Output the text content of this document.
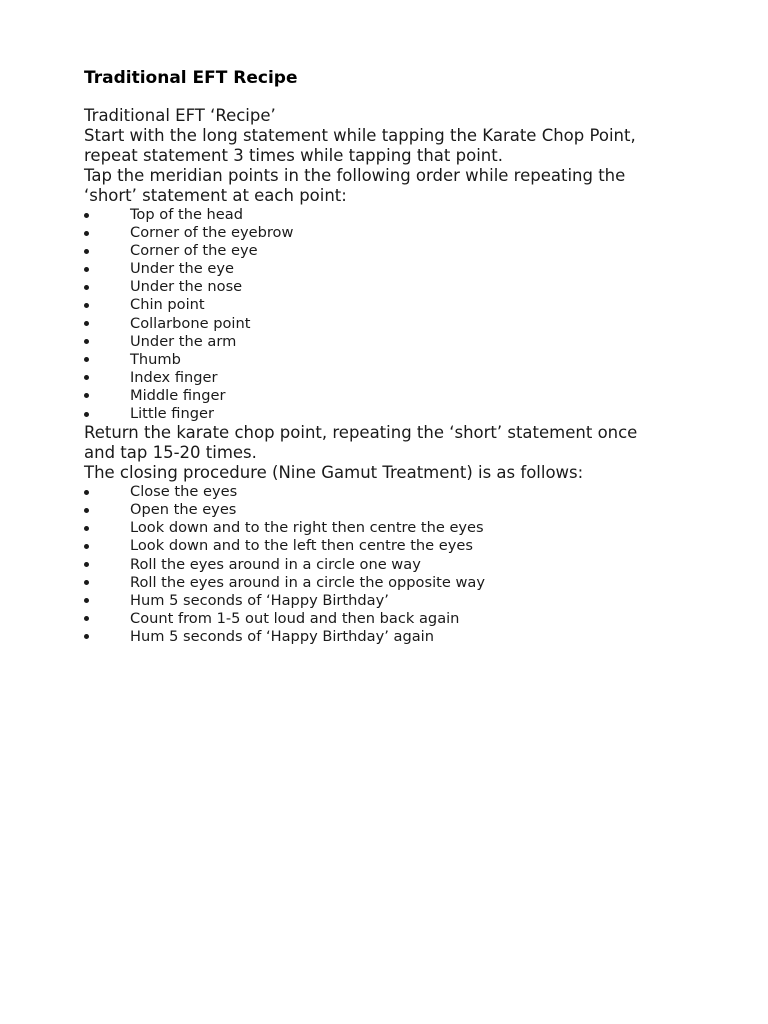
Traditional EFT Recipe

Traditional EFT ‘Recipe’

Start with the long statement while tapping the Karate Chop Point,

repeat statement 3 times while tapping that point.

Tap the meridian points in the following order while repeating the

‘short’ statement at each point:

Top of the head
Corner of the eyebrow
Corner of the eye
Under the eye
Under the nose
Chin point
Collarbone point
Under the arm
Thumb
Index finger
Middle finger
Little finger

Return the karate chop point, repeating the ‘short’ statement once

and tap 15-20 times.

The closing procedure (Nine Gamut Treatment) is as follows:

Close the eyes
Open the eyes
Look down and to the right then centre the eyes
Look down and to the left then centre the eyes
Roll the eyes around in a circle one way
Roll the eyes around in a circle the opposite way
Hum 5 seconds of ‘Happy Birthday’
Count from 1-5 out loud and then back again
Hum 5 seconds of ‘Happy Birthday’ again
